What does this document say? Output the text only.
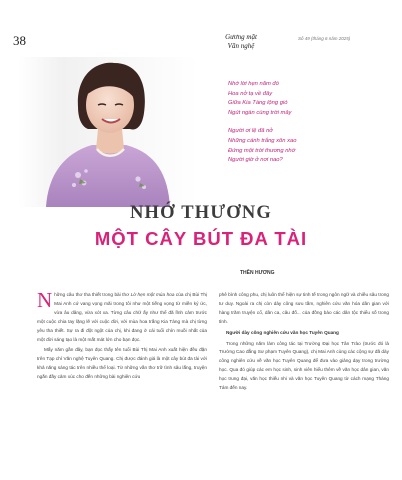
38	Gương mặt
Văn nghệ
Số 49 (tháng 6 năm 2025)
Nhớ lời hẹn năm đó
Hoa nở tạ về đây
Giữa Kia Tàng lộng gió
Ngút ngàn cùng trời mây
Người ơi lệ đã nở
Những cánh trắng xôn xao
Đứng một trời thương nhớ
Người giờ ở nơi nao?
NHỚ THƯƠNG
MỘT CÂY BÚT ĐA TÀI
THÊN HƯƠNG

Những câu thơ tha thiết trong bài thơ Lờ hẹn một mùa hoa của chị Bùi Thị Mai Anh cứ vang vọng mãi trong tôi như một tiếng vọng từ miền ký ức, vừa âu dâng, vừa xót xa. Từng câu chữ ấy như thể đã lĩnh cảm trước một cuộc chia tay lặng lẽ với cuộc đời, với mùa hoa trắng Kia Tàng mà chị từng yêu tha thiết. Sự ra đi đột ngột của chị, khi đang ở cái tuổi chín muồi nhất của một đời sáng tạo là một mất mát lớn cho bạn đọc.

Mấy năm gần đây, bạn đọc thấy tên tuổi Bùi Thị Mai Anh xuất hiện đều đặn trên Tạp chí Văn nghệ Tuyên Quang. Chị được đánh giá là một cây bút đa tài với khả năng sáng tác trên nhiều thể loại. Từ những vần thơ trữ tình sâu lắng, truyện ngắn đầy cảm xúc cho đến những bài nghiên cứu

phê bình công phu, chị luôn thể hiện sự tinh tế trong ngôn ngữ và chiều sâu trong tư duy. Ngoài ra chị còn dày công sưu tầm, nghiên cứu văn hóa dân gian với hàng trăm truyện cổ, dân ca, câu đố... của đồng bào các dân tộc thiểu số trong tỉnh.

Người dày công nghiên cứu văn học Tuyên Quang

Trong những năm làm công tác tại Trường Đại học Tân Trào (trước đó là Trường Cao đẳng Sư phạm Tuyên Quang), chị Mai Anh cùng các cộng sự đã dày công nghiên cứu về văn học Tuyên Quang để đưa vào giảng dạy trong trường học. Qua đó giúp các em học sinh, sinh viên hiểu thêm về văn học dân gian, văn học trung đại, văn học thiếu nhi và văn học Tuyên Quang từ cách mạng Tháng Tám đến nay.
